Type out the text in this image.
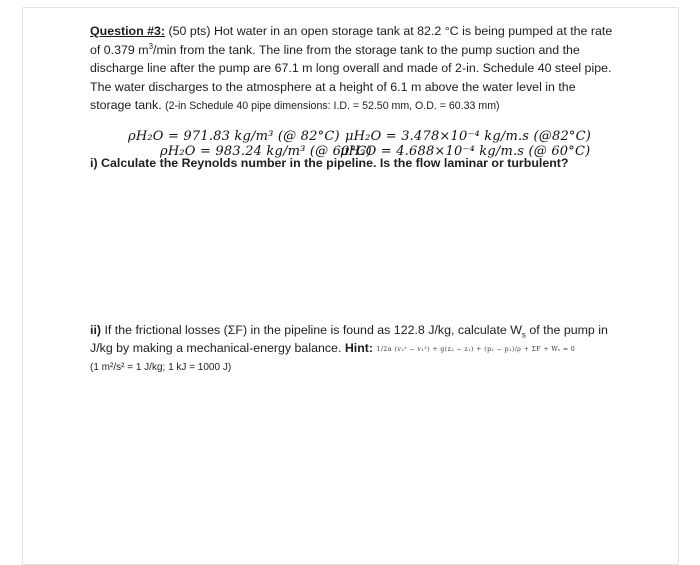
Question #3: (50 pts) Hot water in an open storage tank at 82.2 °C is being pumped at the rate of 0.379 $m^3/\min$ from the tank. The line from the storage tank to the pump suction and the discharge line after the pump are 67.1 m long overall and made of 2-in. Schedule 40 steel pipe. The water discharges to the atmosphere at a height of 6.1 m above the water level in the storage tank. (2-in Schedule 40 pipe dimensions: I.D. = 52.50 mm, O.D. = 60.33 mm)
ρH₂O = 971.83 kg/m³ (@ 82°C) μH₂O = 3.478×10⁻⁴ kg/m.s (@82°C)
ρH₂O = 983.24 kg/m³ (@ 60°C)
μH₂O = 4.688×10⁻⁴ kg/m.s (@ 60°C)
i) Calculate the Reynolds number in the pipeline. Is the flow laminar or turbulent?
ii) If the frictional losses (ΣF) in the pipeline is found as 122.8 J/kg, calculate $W_s$ of the pump in J/kg by making a mechanical-energy balance. Hint: 1/2α (v₂² − v₁²) + g(z₂ − z₁) + (p₂ − p₁)/ρ + ΣF + Wₛ = 0
(1 m²/s² = 1 J/kg; 1 kJ = 1000 J)
